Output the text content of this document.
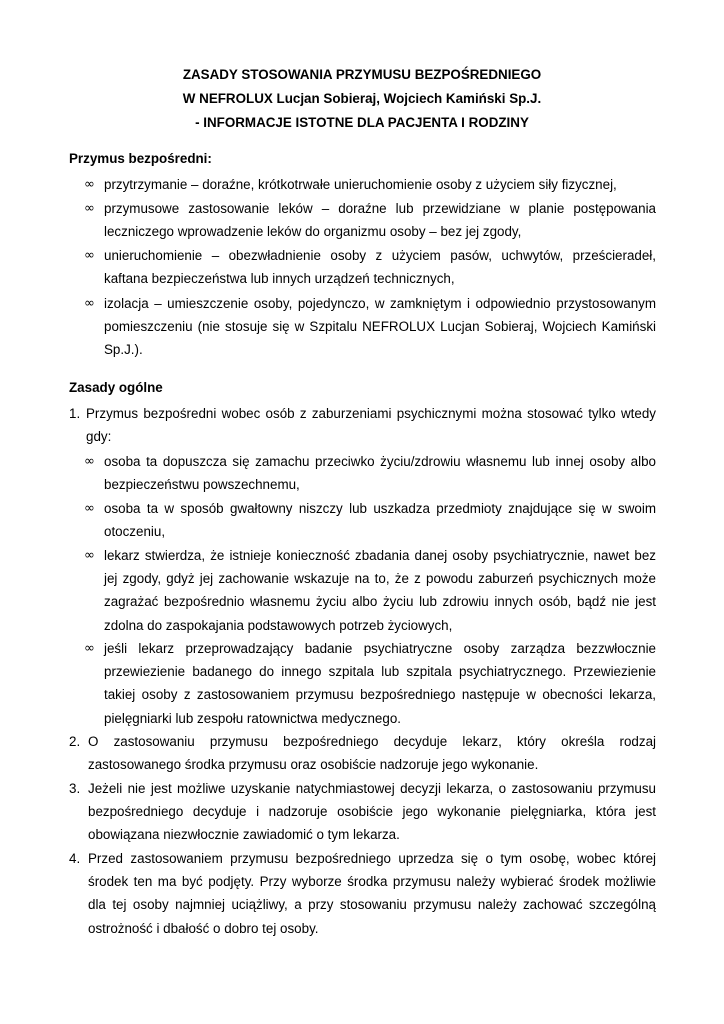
ZASADY STOSOWANIA PRZYMUSU BEZPOŚREDNIEGO
W NEFROLUX Lucjan Sobieraj, Wojciech Kamiński Sp.J.
- INFORMACJE ISTOTNE DLA PACJENTA I RODZINY
Przymus bezpośredni:
∞ przytrzymanie – doraźne, krótkotrwałe unieruchomienie osoby z użyciem siły fizycznej,

∞ przymusowe zastosowanie leków – doraźne lub przewidziane w planie postępowania leczniczego wprowadzenie leków do organizmu osoby – bez jej zgody,

∞ unieruchomienie – obezwładnienie osoby z użyciem pasów, uchwytów, prześcieradeł, kaftana bezpieczeństwa lub innych urządzeń technicznych,

∞ izolacja – umieszczenie osoby, pojedynczo, w zamkniętym i odpowiednio przystosowanym pomieszczeniu (nie stosuje się w Szpitalu NEFROLUX Lucjan Sobieraj, Wojciech Kamiński Sp.J.).

Zasady ogólne
1. Przymus bezpośredni wobec osób z zaburzeniami psychicznymi można stosować tylko wtedy gdy:

∞ osoba ta dopuszcza się zamachu przeciwko życiu/zdrowiu własnemu lub innej osoby albo bezpieczeństwu powszechnemu,

∞ osoba ta w sposób gwałtowny niszczy lub uszkadza przedmioty znajdujące się w swoim otoczeniu,

∞ lekarz stwierdza, że istnieje konieczność zbadania danej osoby psychiatrycznie, nawet bez jej zgody, gdyż jej zachowanie wskazuje na to, że z powodu zaburzeń psychicznych może zagrażać bezpośrednio własnemu życiu albo życiu lub zdrowiu innych osób, bądź nie jest zdolna do zaspokajania podstawowych potrzeb życiowych,

∞ jeśli lekarz przeprowadzający badanie psychiatryczne osoby zarządza bezzwłocznie przewiezienie badanego do innego szpitala lub szpitala psychiatrycznego. Przewiezienie takiej osoby z zastosowaniem przymusu bezpośredniego następuje w obecności lekarza, pielęgniarki lub zespołu ratownictwa medycznego.

2. O zastosowaniu przymusu bezpośredniego decyduje lekarz, który określa rodzaj zastosowanego środka przymusu oraz osobiście nadzoruje jego wykonanie.

3. Jeżeli nie jest możliwe uzyskanie natychmiastowej decyzji lekarza, o zastosowaniu przymusu bezpośredniego decyduje i nadzoruje osobiście jego wykonanie pielęgniarka, która jest obowiązana niezwłocznie zawiadomić o tym lekarza.

4. Przed zastosowaniem przymusu bezpośredniego uprzedza się o tym osobę, wobec której środek ten ma być podjęty. Przy wyborze środka przymusu należy wybierać środek możliwie dla tej osoby najmniej uciążliwy, a przy stosowaniu przymusu należy zachować szczególną ostrożność i dbałość o dobro tej osoby.
